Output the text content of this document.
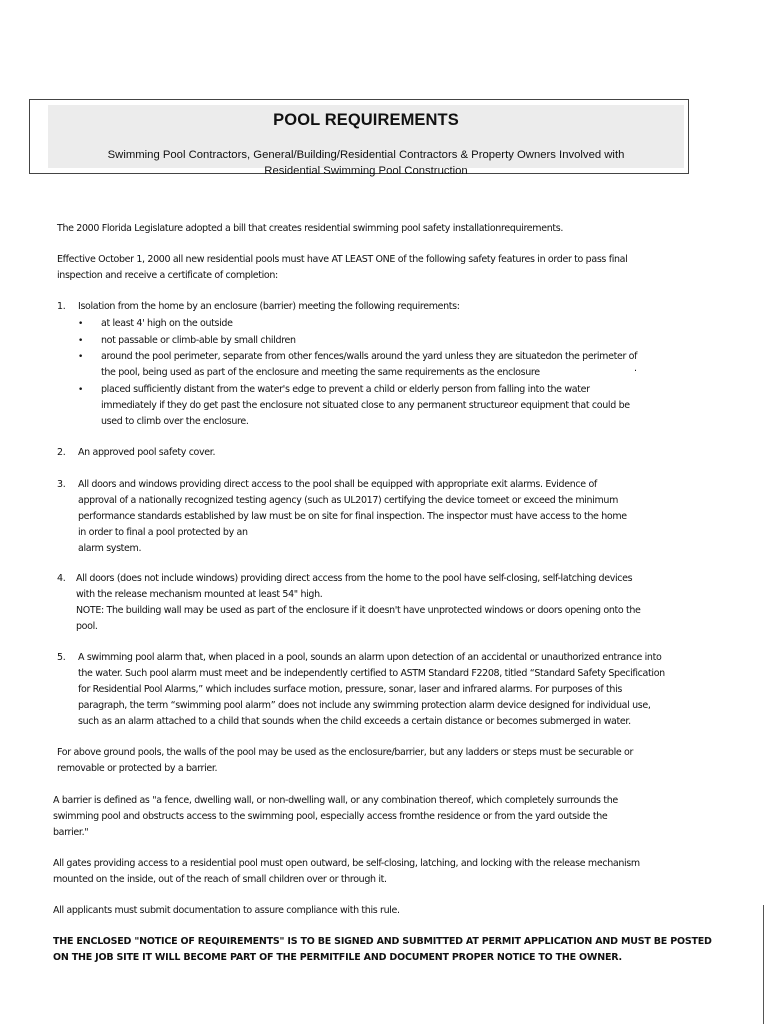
POOL REQUIREMENTS
Swimming Pool Contractors, General/Building/Residential Contractors & Property Owners Involved with
Residential Swimming Pool Construction
The 2000 Florida Legislature adopted a bill that creates residential swimming pool safety installationrequirements.
Effective October 1, 2000 all new residential pools must have AT LEAST ONE of the following safety features in order to pass final
inspection and receive a certificate of completion:
1. Isolation from the home by an enclosure (barrier) meeting the following requirements:
• at least 4' high on the outside
• not passable or climb-able by small children
• around the pool perimeter, separate from other fences/walls around the yard unless they are situatedon the perimeter of
the pool, being used as part of the enclosure and meeting the same requirements as the enclosure	·
• placed sufficiently distant from the water's edge to prevent a child or elderly person from falling into the water
immediately if they do get past the enclosure not situated close to any permanent structureor equipment that could be
used to climb over the enclosure.
2. An approved pool safety cover.
3. All doors and windows providing direct access to the pool shall be equipped with appropriate exit alarms. Evidence of
approval of a nationally recognized testing agency (such as UL2017) certifying the device tomeet or exceed the minimum
performance standards established by law must be on site for final inspection. The inspector must have access to the home
in order to final a pool protected by an
alarm system.
4. All doors (does not include windows) providing direct access from the home to the pool have self-closing, self-latching devices
with the release mechanism mounted at least 54" high.
NOTE: The building wall may be used as part of the enclosure if it doesn't have unprotected windows or doors opening onto the
pool.
5. A swimming pool alarm that, when placed in a pool, sounds an alarm upon detection of an accidental or unauthorized entrance into
the water. Such pool alarm must meet and be independently certified to ASTM Standard F2208, titled “Standard Safety Specification
for Residential Pool Alarms,” which includes surface motion, pressure, sonar, laser and infrared alarms. For purposes of this
paragraph, the term “swimming pool alarm” does not include any swimming protection alarm device designed for individual use,
such as an alarm attached to a child that sounds when the child exceeds a certain distance or becomes submerged in water.
For above ground pools, the walls of the pool may be used as the enclosure/barrier, but any ladders or steps must be securable or
removable or protected by a barrier.
A barrier is defined as "a fence, dwelling wall, or non-dwelling wall, or any combination thereof, which completely surrounds the
swimming pool and obstructs access to the swimming pool, especially access fromthe residence or from the yard outside the
barrier."
All gates providing access to a residential pool must open outward, be self-closing, latching, and locking with the release mechanism
mounted on the inside, out of the reach of small children over or through it.
All applicants must submit documentation to assure compliance with this rule.
THE ENCLOSED "NOTICE OF REQUIREMENTS" IS TO BE SIGNED AND SUBMITTED AT PERMIT APPLICATION AND MUST BE POSTED
ON THE JOB SITE IT WILL BECOME PART OF THE PERMITFILE AND DOCUMENT PROPER NOTICE TO THE OWNER.
